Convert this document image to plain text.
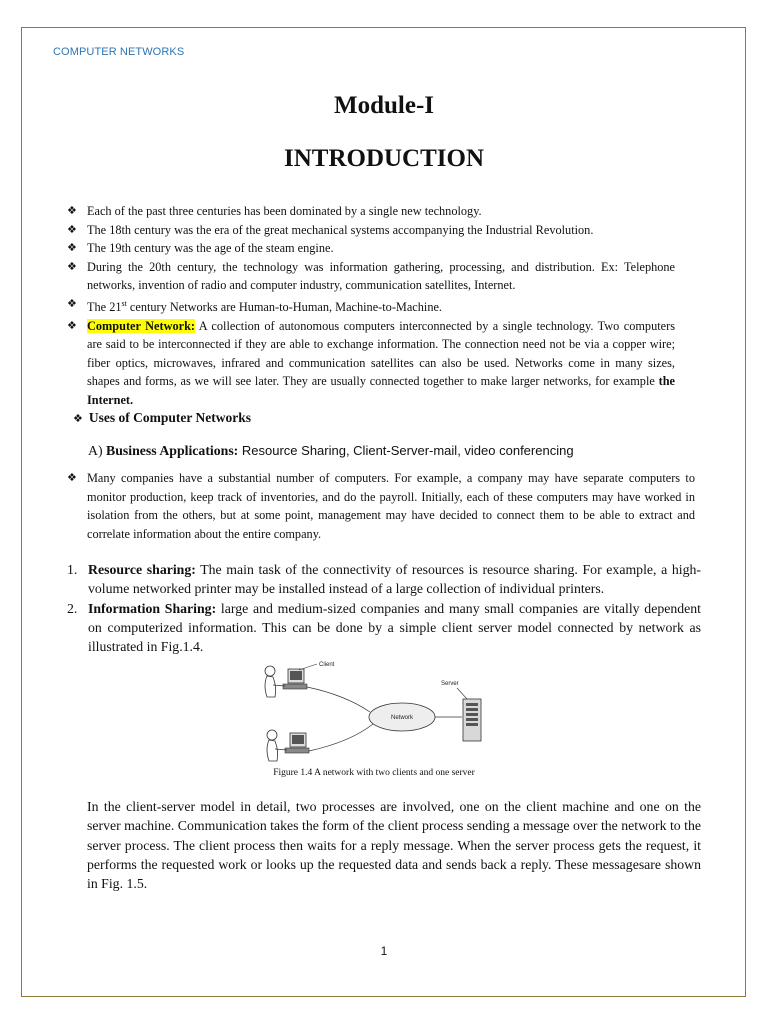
COMPUTER NETWORKS
Module-I
INTRODUCTION
❖ Each of the past three centuries has been dominated by a single new technology.
❖ The 18th century was the era of the great mechanical systems accompanying the Industrial Revolution.
❖ The 19th century was the age of the steam engine.
❖ During the 20th century, the technology was information gathering, processing, and distribution. Ex: Telephone networks, invention of radio and computer industry, communication satellites, Internet.
❖ The 21st century Networks are Human-to-Human, Machine-to-Machine.
❖ Computer Network: A collection of autonomous computers interconnected by a single technology. Two computers are said to be interconnected if they are able to exchange information. The connection need not be via a copper wire; fiber optics, microwaves, infrared and communication satellites can also be used. Networks come in many sizes, shapes and forms, as we will see later. They are usually connected together to make larger networks, for example the Internet.
❖ Uses of Computer Networks
A) Business Applications: Resource Sharing, Client-Server-mail, video conferencing
❖ Many companies have a substantial number of computers. For example, a company may have separate computers to monitor production, keep track of inventories, and do the payroll. Initially, each of these computers may have worked in isolation from the others, but at some point, management may have decided to connect them to be able to extract and correlate information about the entire company.
1. Resource sharing: The main task of the connectivity of resources is resource sharing. For example, a high-volume networked printer may be installed instead of a large collection of individual printers.
2. Information Sharing: large and medium-sized companies and many small companies are vitally dependent on computerized information. This can be done by a simple client server model connected by network as illustrated in Fig.1.4.
Client
Network
Server
Figure 1.4 A network with two clients and one server
In the client-server model in detail, two processes are involved, one on the client machine and one on the server machine. Communication takes the form of the client process sending a message over the network to the server process. The client process then waits for a reply message. When the server process gets the request, it performs the requested work or looks up the requested data and sends back a reply. These messagesare shown in Fig. 1.5.
1
